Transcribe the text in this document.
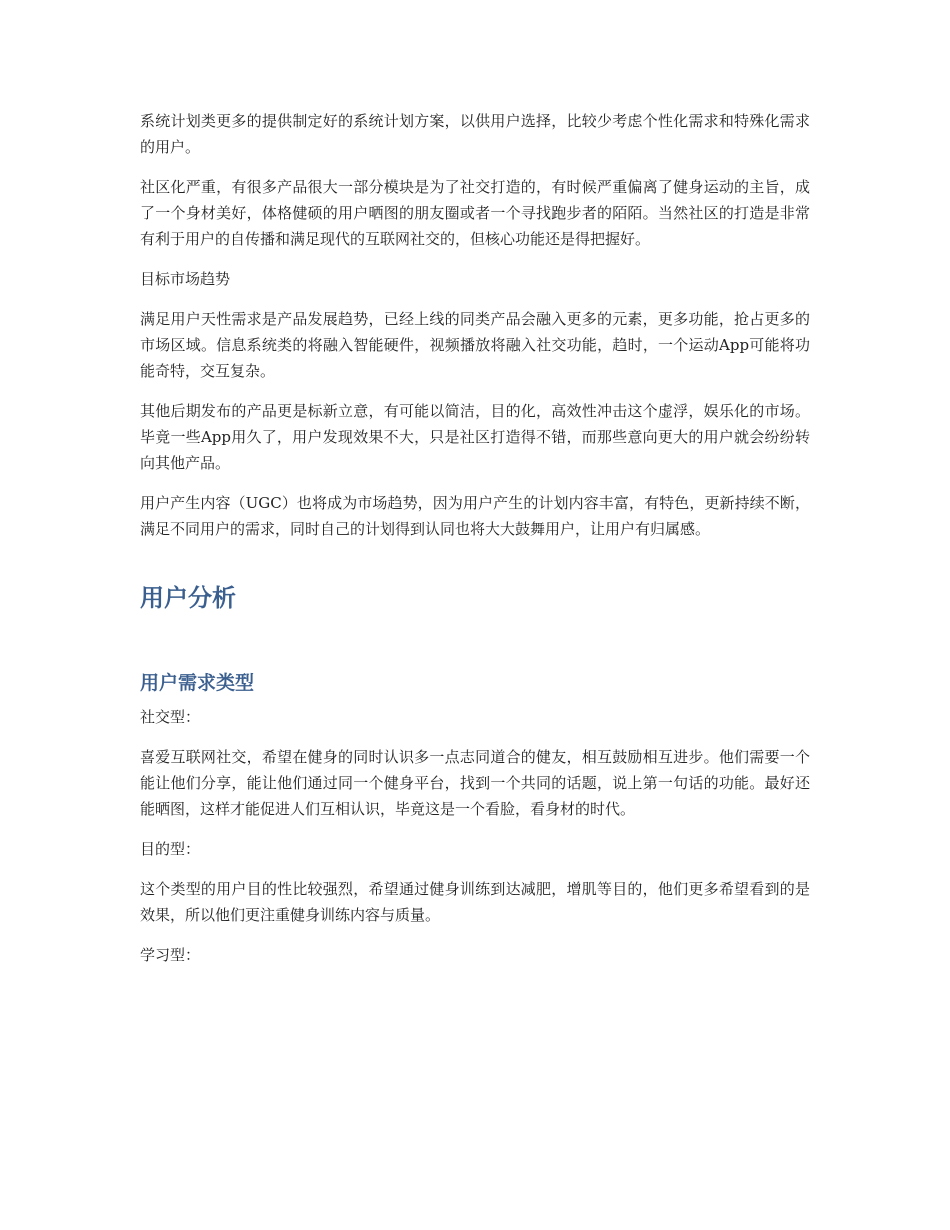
系统计划类更多的提供制定好的系统计划方案，以供用户选择，比较少考虑个性化需求和特殊化需求的用户。

社区化严重，有很多产品很大一部分模块是为了社交打造的，有时候严重偏离了健身运动的主旨，成了一个身材美好，体格健硕的用户晒图的朋友圈或者一个寻找跑步者的陌陌。当然社区的打造是非常有利于用户的自传播和满足现代的互联网社交的，但核心功能还是得把握好。

目标市场趋势

满足用户天性需求是产品发展趋势，已经上线的同类产品会融入更多的元素，更多功能，抢占更多的市场区域。信息系统类的将融入智能硬件，视频播放将融入社交功能，趋时，一个运动App可能将功能奇特，交互复杂。

其他后期发布的产品更是标新立意，有可能以简洁，目的化，高效性冲击这个虚浮，娱乐化的市场。毕竟一些App用久了，用户发现效果不大，只是社区打造得不错，而那些意向更大的用户就会纷纷转向其他产品。

用户产生内容（UGC）也将成为市场趋势，因为用户产生的计划内容丰富，有特色，更新持续不断，满足不同用户的需求，同时自己的计划得到认同也将大大鼓舞用户，让用户有归属感。

用户分析
用户需求类型

社交型：

喜爱互联网社交，希望在健身的同时认识多一点志同道合的健友，相互鼓励相互进步。他们需要一个能让他们分享，能让他们通过同一个健身平台，找到一个共同的话题，说上第一句话的功能。最好还能晒图，这样才能促进人们互相认识，毕竟这是一个看脸，看身材的时代。

目的型：

这个类型的用户目的性比较强烈，希望通过健身训练到达减肥，增肌等目的，他们更多希望看到的是效果，所以他们更注重健身训练内容与质量。

学习型：
